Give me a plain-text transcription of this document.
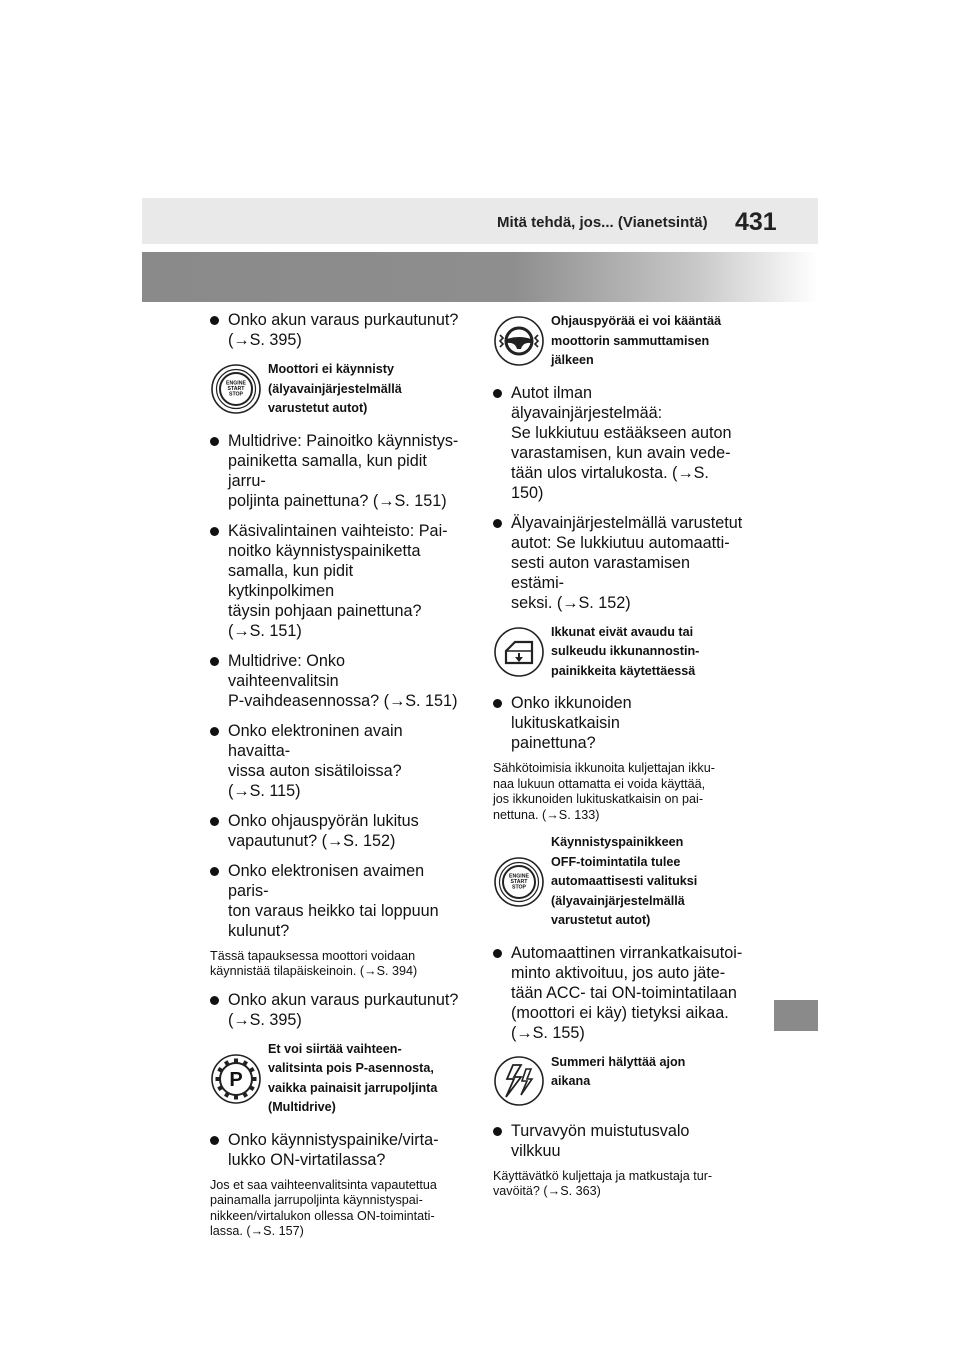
Mitä tehdä, jos... (Vianetsintä) 431
Onko akun varaus purkautunut?
(→S. 395)
ENGINE
START
STOP
Moottori ei käynnisty
(älyavainjärjestelmällä
varustetut autot)
Multidrive: Painoitko käynnistys-
painiketta samalla, kun pidit jarru-
poljinta painettuna? (→S. 151)
Käsivalintainen vaihteisto: Pai-
noitko käynnistyspainiketta
samalla, kun pidit kytkinpolkimen
täysin pohjaan painettuna?
(→S. 151)
Multidrive: Onko vaihteenvalitsin
P-vaihdeasennossa? (→S. 151)
Onko elektroninen avain havaitta-
vissa auton sisätiloissa?
(→S. 115)
Onko ohjauspyörän lukitus
vapautunut? (→S. 152)
Onko elektronisen avaimen paris-
ton varaus heikko tai loppuun
kulunut?
Tässä tapauksessa moottori voidaan
käynnistää tilapäiskeinoin. (→S. 394)
Onko akun varaus purkautunut?
(→S. 395)
P
Et voi siirtää vaihteen-
valitsinta pois P-asennosta,
vaikka painaisit jarrupoljinta
(Multidrive)
Onko käynnistyspainike/virta-
lukko ON-virtatilassa?
Jos et saa vaihteenvalitsinta vapautettua
painamalla jarrupoljinta käynnistyspai-
nikkeen/virtalukon ollessa ON-toimintati-
lassa. (→S. 157)
Ohjauspyörää ei voi kääntää
moottorin sammuttamisen
jälkeen
Autot ilman älyavainjärjestelmää:
Se lukkiutuu estääkseen auton
varastamisen, kun avain vede-
tään ulos virtalukosta. (→S. 150)
Älyavainjärjestelmällä varustetut
autot: Se lukkiutuu automaatti-
sesti auton varastamisen estämi-
seksi. (→S. 152)
Ikkunat eivät avaudu tai
sulkeudu ikkunannostin-
painikkeita käytettäessä
Onko ikkunoiden lukituskatkaisin
painettuna?
Sähkötoimisia ikkunoita kuljettajan ikku-
naa lukuun ottamatta ei voida käyttää,
jos ikkunoiden lukituskatkaisin on pai-
nettuna. (→S. 133)
ENGINE
START
STOP
Käynnistyspainikkeen
OFF-toimintatila tulee
automaattisesti valituksi
(älyavainjärjestelmällä
varustetut autot)
Automaattinen virrankatkaisutoi-
minto aktivoituu, jos auto jäte-
tään ACC- tai ON-toimintatilaan
(moottori ei käy) tietyksi aikaa.
(→S. 155)
Summeri hälyttää ajon
aikana
Turvavyön muistutusvalo vilkkuu
Käyttävätkö kuljettaja ja matkustaja tur-
vavöitä? (→S. 363)
